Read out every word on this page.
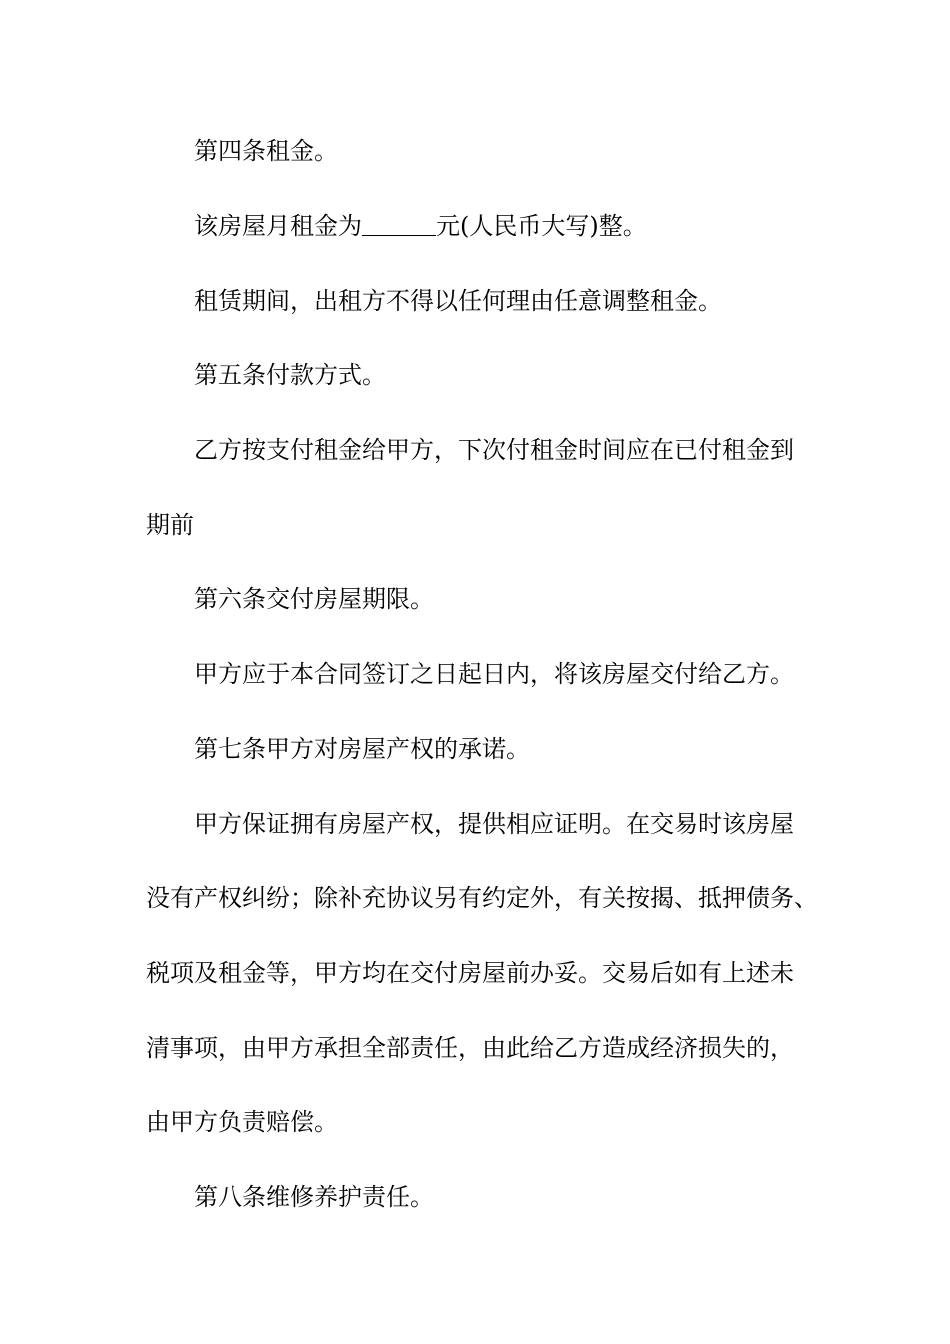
第四条租金。
该房屋月租金为	元(人民币大写)整。
租赁期间，出租方不得以任何理由任意调整租金。
第五条付款方式。
乙方按支付租金给甲方，下次付租金时间应在已付租金到
期前
第六条交付房屋期限。
甲方应于本合同签订之日起日内，将该房屋交付给乙方。
第七条甲方对房屋产权的承诺。
甲方保证拥有房屋产权，提供相应证明。在交易时该房屋
没有产权纠纷；除补充协议另有约定外，有关按揭、抵押债务、
税项及租金等，甲方均在交付房屋前办妥。交易后如有上述未
清事项，由甲方承担全部责任，由此给乙方造成经济损失的，
由甲方负责赔偿。
第八条维修养护责任。
